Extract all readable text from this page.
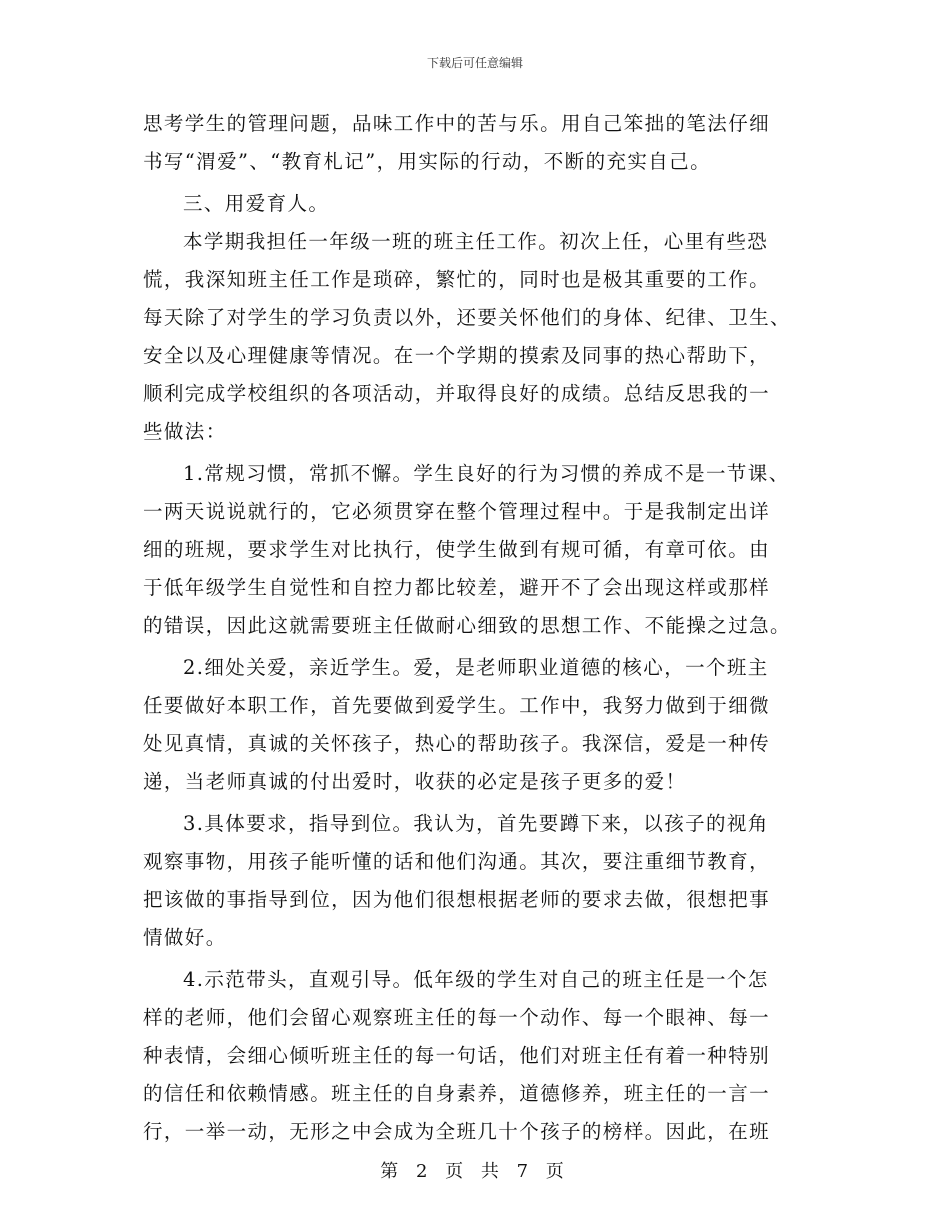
下载后可任意编辑
思考学生的管理问题，品味工作中的苦与乐。用自己笨拙的笔法仔细
书写“渭爱”、“教育札记”，用实际的行动，不断的充实自己。
三、用爱育人。
本学期我担任一年级一班的班主任工作。初次上任，心里有些恐
慌，我深知班主任工作是琐碎，繁忙的，同时也是极其重要的工作。
每天除了对学生的学习负责以外，还要关怀他们的身体、纪律、卫生、
安全以及心理健康等情况。在一个学期的摸索及同事的热心帮助下，
顺利完成学校组织的各项活动，并取得良好的成绩。总结反思我的一
些做法：
1.常规习惯，常抓不懈。学生良好的行为习惯的养成不是一节课、
一两天说说就行的，它必须贯穿在整个管理过程中。于是我制定出详
细的班规，要求学生对比执行，使学生做到有规可循，有章可依。由
于低年级学生自觉性和自控力都比较差，避开不了会出现这样或那样
的错误，因此这就需要班主任做耐心细致的思想工作、不能操之过急。
2.细处关爱，亲近学生。爱，是老师职业道德的核心，一个班主
任要做好本职工作，首先要做到爱学生。工作中，我努力做到于细微
处见真情，真诚的关怀孩子，热心的帮助孩子。我深信，爱是一种传
递，当老师真诚的付出爱时，收获的必定是孩子更多的爱！
3.具体要求，指导到位。我认为，首先要蹲下来，以孩子的视角
观察事物，用孩子能听懂的话和他们沟通。其次，要注重细节教育，
把该做的事指导到位，因为他们很想根据老师的要求去做，很想把事
情做好。
4.示范带头，直观引导。低年级的学生对自己的班主任是一个怎
样的老师，他们会留心观察班主任的每一个动作、每一个眼神、每一
种表情，会细心倾听班主任的每一句话，他们对班主任有着一种特别
的信任和依赖情感。班主任的自身素养，道德修养，班主任的一言一
行，一举一动，无形之中会成为全班几十个孩子的榜样。因此，在班
第 2 页 共 7 页
